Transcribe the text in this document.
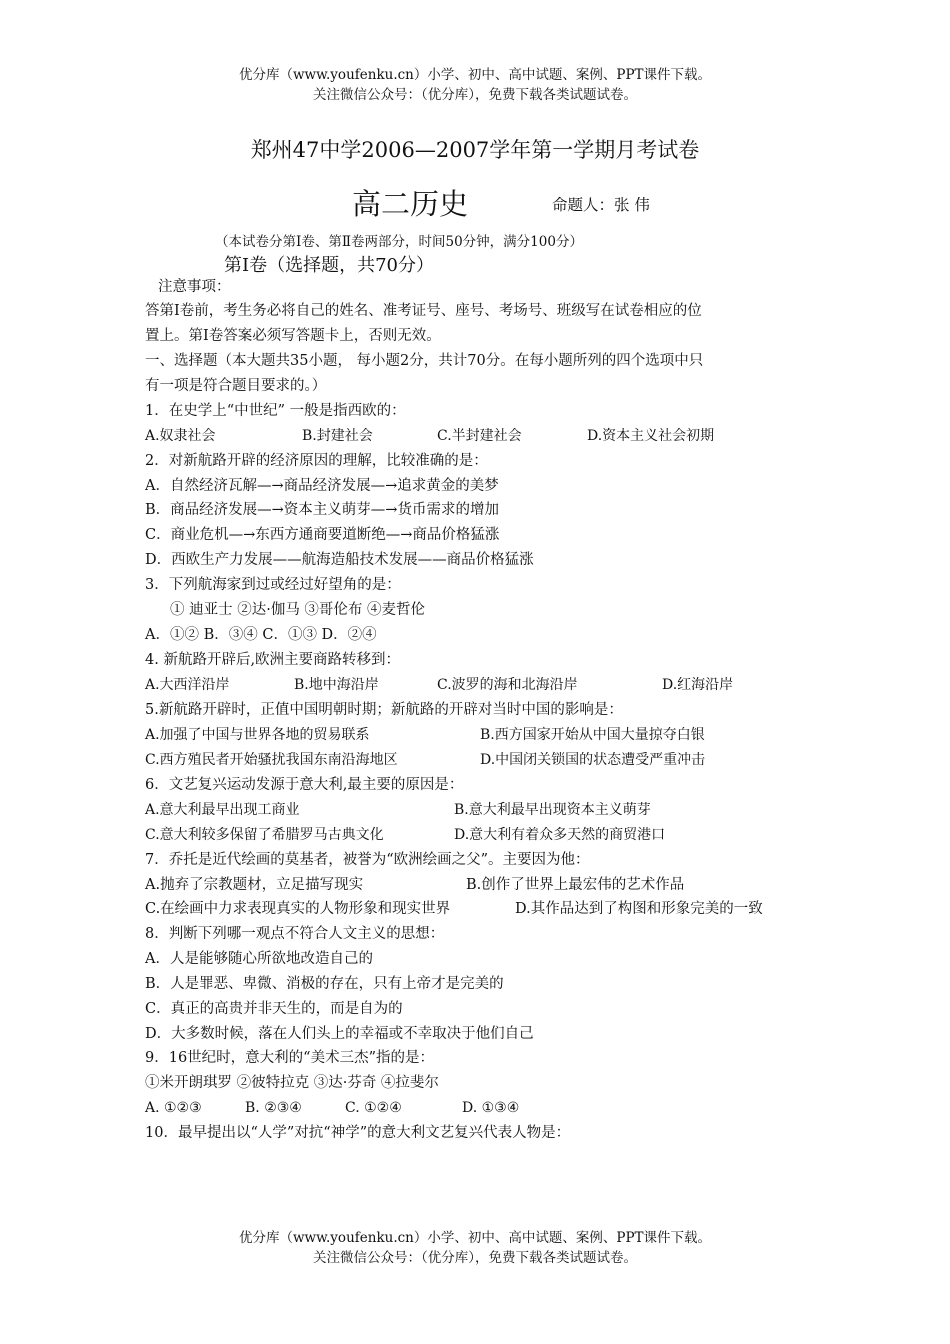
优分库（www.youfenku.cn）小学、初中、高中试题、案例、PPT课件下载。
关注微信公众号：（优分库），免费下载各类试题试卷。
郑州47中学2006—2007学年第一学期月考试卷
高二历史	命题人：张 伟
（本试卷分第Ⅰ卷、第Ⅱ卷两部分，时间50分钟，满分100分）
第Ⅰ卷（选择题，共70分）
注意事项：
答第Ⅰ卷前，考生务必将自己的姓名、准考证号、座号、考场号、班级写在试卷相应的位
置上。第Ⅰ卷答案必须写答题卡上，否则无效。
一、选择题（本大题共35小题， 每小题2分，共计70分。在每小题所列的四个选项中只
有一项是符合题目要求的。）
1．在史学上“中世纪” 一般是指西欧的：
A.奴隶社会	B.封建社会	C.半封建社会	D.资本主义社会初期
2．对新航路开辟的经济原因的理解，比较准确的是：
A．自然经济瓦解—→商品经济发展—→追求黄金的美梦
B．商品经济发展—→资本主义萌芽—→货币需求的增加
C．商业危机—→东西方通商要道断绝—→商品价格猛涨
D．西欧生产力发展——航海造船技术发展——商品价格猛涨
3．下列航海家到过或经过好望角的是：
① 迪亚士 ②达·伽马 ③哥伦布 ④麦哲伦
A．①② B．③④ C．①③ D．②④
4. 新航路开辟后,欧洲主要商路转移到：
A.大西洋沿岸	B.地中海沿岸	C.波罗的海和北海沿岸	D.红海沿岸
5.新航路开辟时，正值中国明朝时期；新航路的开辟对当时中国的影响是：
A.加强了中国与世界各地的贸易联系	B.西方国家开始从中国大量掠夺白银
C.西方殖民者开始骚扰我国东南沿海地区	D.中国闭关锁国的状态遭受严重冲击
6．文艺复兴运动发源于意大利,最主要的原因是：
A.意大利最早出现工商业	B.意大利最早出现资本主义萌芽
C.意大利较多保留了希腊罗马古典文化	D.意大利有着众多天然的商贸港口
7．乔托是近代绘画的莫基者，被誉为“欧洲绘画之父”。主要因为他：
A.抛弃了宗教题材，立足描写现实	B.创作了世界上最宏伟的艺术作品
C.在绘画中力求表现真实的人物形象和现实世界	D.其作品达到了构图和形象完美的一致
8．判断下列哪一观点不符合人文主义的思想：
A．人是能够随心所欲地改造自己的
B．人是罪恶、卑微、消极的存在，只有上帝才是完美的
C．真正的高贵并非天生的，而是自为的
D．大多数时候，落在人们头上的幸福或不幸取决于他们自己
9．16世纪时，意大利的“美术三杰”指的是：
①米开朗琪罗 ②彼特拉克 ③达·芬奇 ④拉斐尔
A. ①②③	B. ②③④	C. ①②④	D. ①③④
10．最早提出以“人学”对抗“神学”的意大利文艺复兴代表人物是：
优分库（www.youfenku.cn）小学、初中、高中试题、案例、PPT课件下载。
关注微信公众号：（优分库），免费下载各类试题试卷。
